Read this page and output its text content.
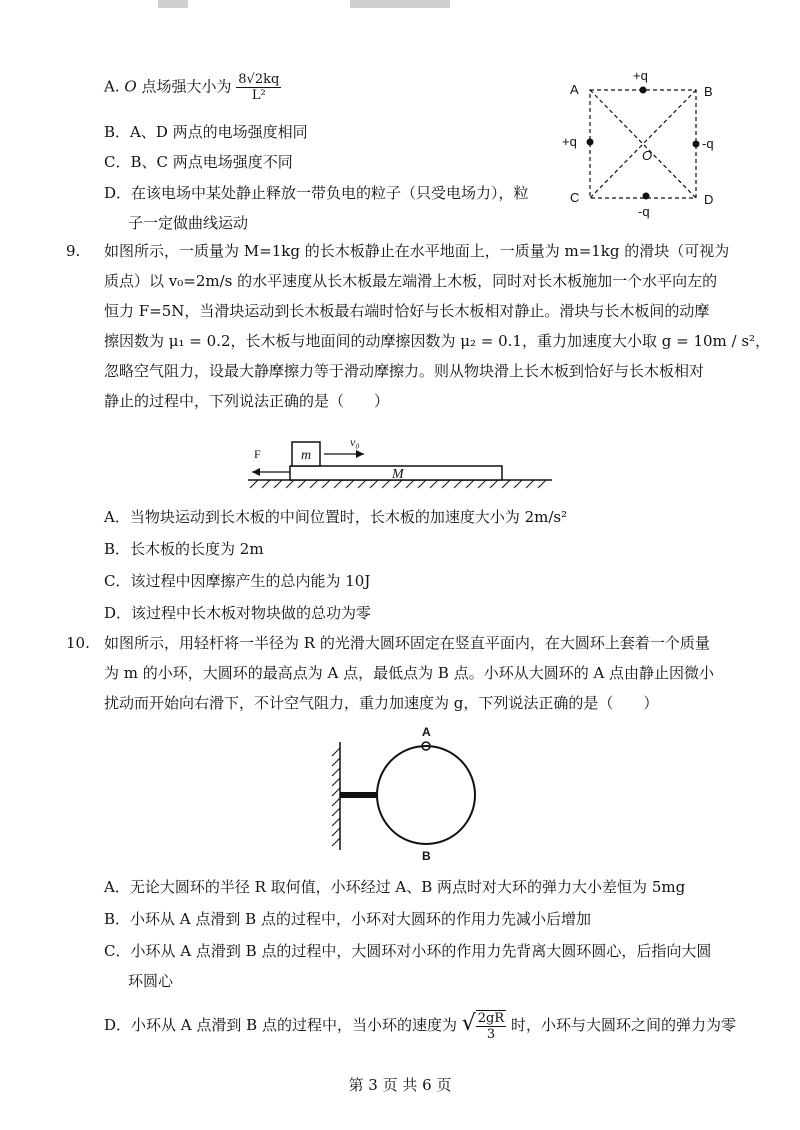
A. O 点场强大小为 $\frac{8√2kq}{\text{L²}}$
B．A、D 两点的电场强度相同
C．B、C 两点电场强度不同
D．在该电场中某处静止释放一带负电的粒子（只受电场力），粒
子一定做曲线运动
A	B
C	D
O
+q
+q	-q
-q
9. 如图所示，一质量为 M=1kg 的长木板静止在水平地面上，一质量为 m=1kg 的滑块（可视为

质点）以 v₀=2m/s 的水平速度从长木板最左端滑上木板，同时对长木板施加一个水平向左的

恒力 F=5N，当滑块运动到长木板最右端时恰好与长木板相对静止。滑块与长木板间的动摩

擦因数为 μ₁ = 0.2，长木板与地面间的动摩擦因数为 μ₂ = 0.1，重力加速度大小取 g = 10m / s²，

忽略空气阻力，设最大静摩擦力等于滑动摩擦力。则从物块滑上长木板到恰好与长木板相对

静止的过程中，下列说法正确的是（　　）

F	m
v₀
M
A．当物块运动到长木板的中间位置时，长木板的加速度大小为 2m/s²
B．长木板的长度为 2m
C．该过程中因摩擦产生的总内能为 10J
D．该过程中长木板对物块做的总功为零
10. 如图所示，用轻杆将一半径为 R 的光滑大圆环固定在竖直平面内，在大圆环上套着一个质量

为 m 的小环，大圆环的最高点为 A 点，最低点为 B 点。小环从大圆环的 A 点由静止因微小

扰动而开始向右滑下，不计空气阻力，重力加速度为 g，下列说法正确的是（　　）

A
B
A．无论大圆环的半径 R 取何值，小环经过 A、B 两点时对大环的弹力大小差恒为 5mg
B．小环从 A 点滑到 B 点的过程中，小环对大圆环的作用力先减小后增加
C．小环从 A 点滑到 B 点的过程中，大圆环对小环的作用力先背离大圆环圆心，后指向大圆
环圆心
D．小环从 A 点滑到 B 点的过程中，当小环的速度为 √ $\frac{2gR}{3}$ 时，小环与大圆环之间的弹力为零
第 3 页 共 6 页
